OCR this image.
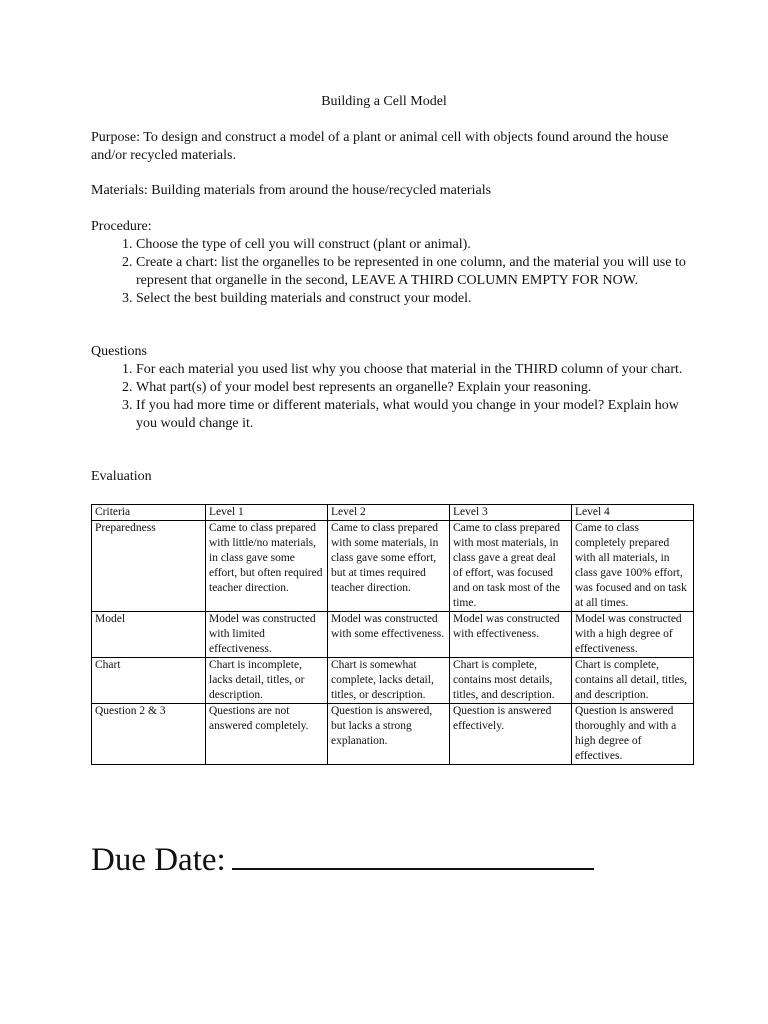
Building a Cell Model
Purpose: To design and construct a model of a plant or animal cell with objects found around the house and/or recycled materials.
Materials: Building materials from around the house/recycled materials
Procedure:
1. Choose the type of cell you will construct (plant or animal).
2. Create a chart: list the organelles to be represented in one column, and the material you will use to represent that organelle in the second, LEAVE A THIRD COLUMN EMPTY FOR NOW.
3. Select the best building materials and construct your model.
Questions
1. For each material you used list why you choose that material in the THIRD column of your chart.
2. What part(s) of your model best represents an organelle? Explain your reasoning.
3. If you had more time or different materials, what would you change in your model? Explain how you would change it.
Evaluation
Criteria	Level 1	Level 2	Level 3	Level 4
Preparedness	Came to class prepared with little/no materials, in class gave some effort, but often required teacher direction.	Came to class prepared with some materials, in class gave some effort, but at times required teacher direction.	Came to class prepared with most materials, in class gave a great deal of effort, was focused and on task most of the time.	Came to class completely prepared with all materials, in class gave 100% effort, was focused and on task at all times.
Model	Model was constructed with limited effectiveness.	Model was constructed with some effectiveness.	Model was constructed with effectiveness.	Model was constructed with a high degree of effectiveness.
Chart	Chart is incomplete, lacks detail, titles, or description.	Chart is somewhat complete, lacks detail, titles, or description.	Chart is complete, contains most details, titles, and description.	Chart is complete, contains all detail, titles, and description.
Question 2 & 3	Questions are not answered completely.	Question is answered, but lacks a strong explanation.	Question is answered effectively.	Question is answered thoroughly and with a high degree of effectives.
Due Date:
